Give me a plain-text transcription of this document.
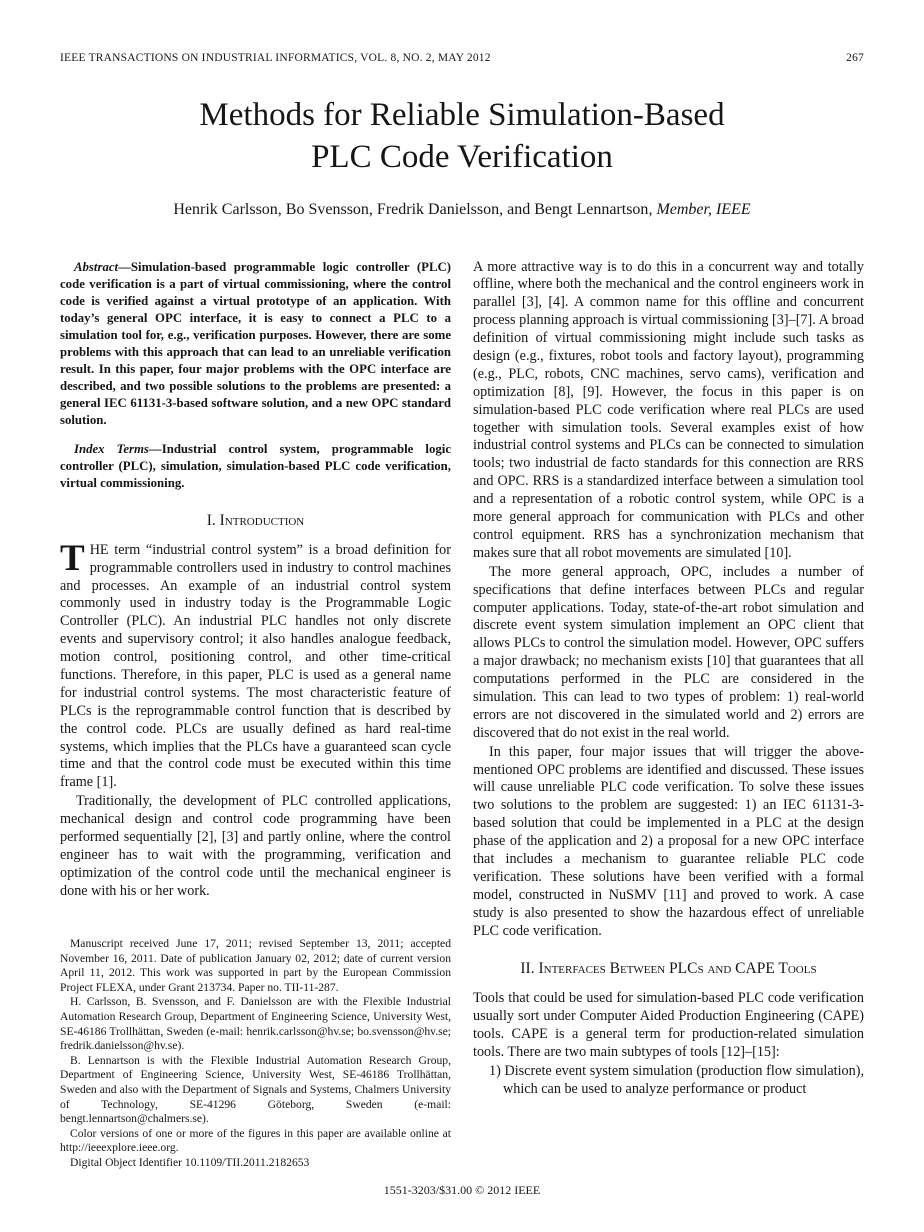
IEEE TRANSACTIONS ON INDUSTRIAL INFORMATICS, VOL. 8, NO. 2, MAY 2012	267
Methods for Reliable Simulation-Based
PLC Code Verification
Henrik Carlsson, Bo Svensson, Fredrik Danielsson, and Bengt Lennartson, Member, IEEE

Abstract—Simulation-based programmable logic controller (PLC) code verification is a part of virtual commissioning, where the control code is verified against a virtual prototype of an application. With today’s general OPC interface, it is easy to connect a PLC to a simulation tool for, e.g., verification purposes. However, there are some problems with this approach that can lead to an unreliable verification result. In this paper, four major problems with the OPC interface are described, and two possible solutions to the problems are presented: a general IEC 61131-3-based software solution, and a new OPC standard solution.

Index Terms—Industrial control system, programmable logic controller (PLC), simulation, simulation-based PLC code verification, virtual commissioning.

I. Introduction

THE term “industrial control system” is a broad definition for programmable controllers used in industry to control machines and processes. An example of an industrial control system commonly used in industry today is the Programmable Logic Controller (PLC). An industrial PLC handles not only discrete events and supervisory control; it also handles analogue feedback, motion control, positioning control, and other time-critical functions. Therefore, in this paper, PLC is used as a general name for industrial control systems. The most characteristic feature of PLCs is the reprogrammable control function that is described by the control code. PLCs are usually defined as hard real-time systems, which implies that the PLCs have a guaranteed scan cycle time and that the control code must be executed within this time frame [1].

Traditionally, the development of PLC controlled applications, mechanical design and control code programming have been performed sequentially [2], [3] and partly online, where the control engineer has to wait with the programming, verification and optimization of the control code until the mechanical engineer is done with his or her work.

Manuscript received June 17, 2011; revised September 13, 2011; accepted November 16, 2011. Date of publication January 02, 2012; date of current version April 11, 2012. This work was supported in part by the European Commission Project FLEXA, under Grant 213734. Paper no. TII-11-287.

H. Carlsson, B. Svensson, and F. Danielsson are with the Flexible Industrial Automation Research Group, Department of Engineering Science, University West, SE-46186 Trollhättan, Sweden (e-mail: henrik.carlsson@hv.se; bo.svensson@hv.se; fredrik.danielsson@hv.se).

B. Lennartson is with the Flexible Industrial Automation Research Group, Department of Engineering Science, University West, SE-46186 Trollhättan, Sweden and also with the Department of Signals and Systems, Chalmers University of Technology, SE-41296 Göteborg, Sweden (e-mail: bengt.lennartson@chalmers.se).

Color versions of one or more of the figures in this paper are available online at http://ieeexplore.ieee.org.

Digital Object Identifier 10.1109/TII.2011.2182653

A more attractive way is to do this in a concurrent way and totally offline, where both the mechanical and the control engineers work in parallel [3], [4]. A common name for this offline and concurrent process planning approach is virtual commissioning [3]–[7]. A broad definition of virtual commissioning might include such tasks as design (e.g., fixtures, robot tools and factory layout), programming (e.g., PLC, robots, CNC machines, servo cams), verification and optimization [8], [9]. However, the focus in this paper is on simulation-based PLC code verification where real PLCs are used together with simulation tools. Several examples exist of how industrial control systems and PLCs can be connected to simulation tools; two industrial de facto standards for this connection are RRS and OPC. RRS is a standardized interface between a simulation tool and a representation of a robotic control system, while OPC is a more general approach for communication with PLCs and other control equipment. RRS has a synchronization mechanism that makes sure that all robot movements are simulated [10].

The more general approach, OPC, includes a number of specifications that define interfaces between PLCs and regular computer applications. Today, state-of-the-art robot simulation and discrete event system simulation implement an OPC client that allows PLCs to control the simulation model. However, OPC suffers a major drawback; no mechanism exists [10] that guarantees that all computations performed in the PLC are considered in the simulation. This can lead to two types of problem: 1) real-world errors are not discovered in the simulated world and 2) errors are discovered that do not exist in the real world.

In this paper, four major issues that will trigger the above-mentioned OPC problems are identified and discussed. These issues will cause unreliable PLC code verification. To solve these issues two solutions to the problem are suggested: 1) an IEC 61131-3-based solution that could be implemented in a PLC at the design phase of the application and 2) a proposal for a new OPC interface that includes a mechanism to guarantee reliable PLC code verification. These solutions have been verified with a formal model, constructed in NuSMV [11] and proved to work. A case study is also presented to show the hazardous effect of unreliable PLC code verification.

II. Interfaces Between PLCs and CAPE Tools

Tools that could be used for simulation-based PLC code verification usually sort under Computer Aided Production Engineering (CAPE) tools. CAPE is a general term for production-related simulation tools. There are two main subtypes of tools [12]–[15]:

1) Discrete event system simulation (production flow simulation), which can be used to analyze performance or product
1551-3203/$31.00 © 2012 IEEE
